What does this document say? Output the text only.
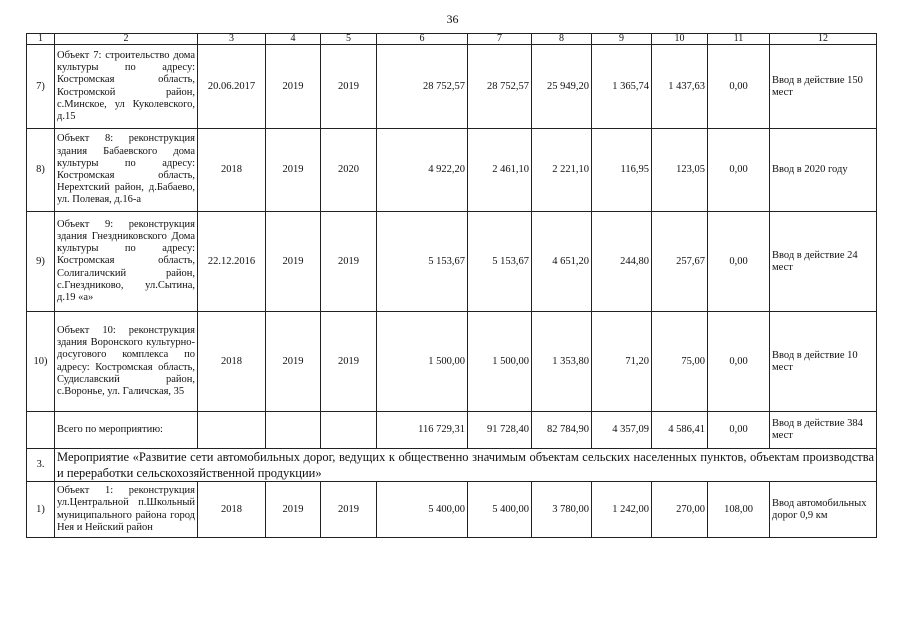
36
1	2	3	4	5	6	7	8	9	10	11	12
7)	Объект 7: строительство дома культуры по адресу: Костромская область, Костромской район, с.Минское, ул Куколевского, д.15	20.06.2017	2019	2019	28 752,57	28 752,57	25 949,20	1 365,74	1 437,63	0,00	Ввод в действие 150 мест
8)	Объект 8: реконструкция здания Бабаевского дома культуры по адресу: Костромская область, Нерехтский район, д.Бабаево, ул. Полевая, д.16-а	2018	2019	2020	4 922,20	2 461,10	2 221,10	116,95	123,05	0,00	Ввод в 2020 году
9)	Объект 9: реконструкция здания Гнездниковского Дома культуры по адресу: Костромская область, Солигаличский район, с.Гнездниково, ул.Сытина, д.19 «а»	22.12.2016	2019	2019	5 153,67	5 153,67	4 651,20	244,80	257,67	0,00	Ввод в действие 24 мест
10)	Объект 10: реконструкция здания Воронского культурно-досугового комплекса по адресу: Костромская область, Судиславский район, с.Воронье, ул. Галичская, 35	2018	2019	2019	1 500,00	1 500,00	1 353,80	71,20	75,00	0,00	Ввод в действие 10 мест
	Всего по мероприятию:				116 729,31	91 728,40	82 784,90	4 357,09	4 586,41	0,00	Ввод в действие 384 мест
3.	Мероприятие «Развитие сети автомобильных дорог, ведущих к общественно значимым объектам сельских населенных пунктов, объектам производства и переработки сельскохозяйственной продукции»										
1)	Объект 1: реконструкция ул.Центральной п.Школьный муниципального района город Нея и Нейский район	2018	2019	2019	5 400,00	5 400,00	3 780,00	1 242,00	270,00	108,00	Ввод автомобильных дорог 0,9 км
